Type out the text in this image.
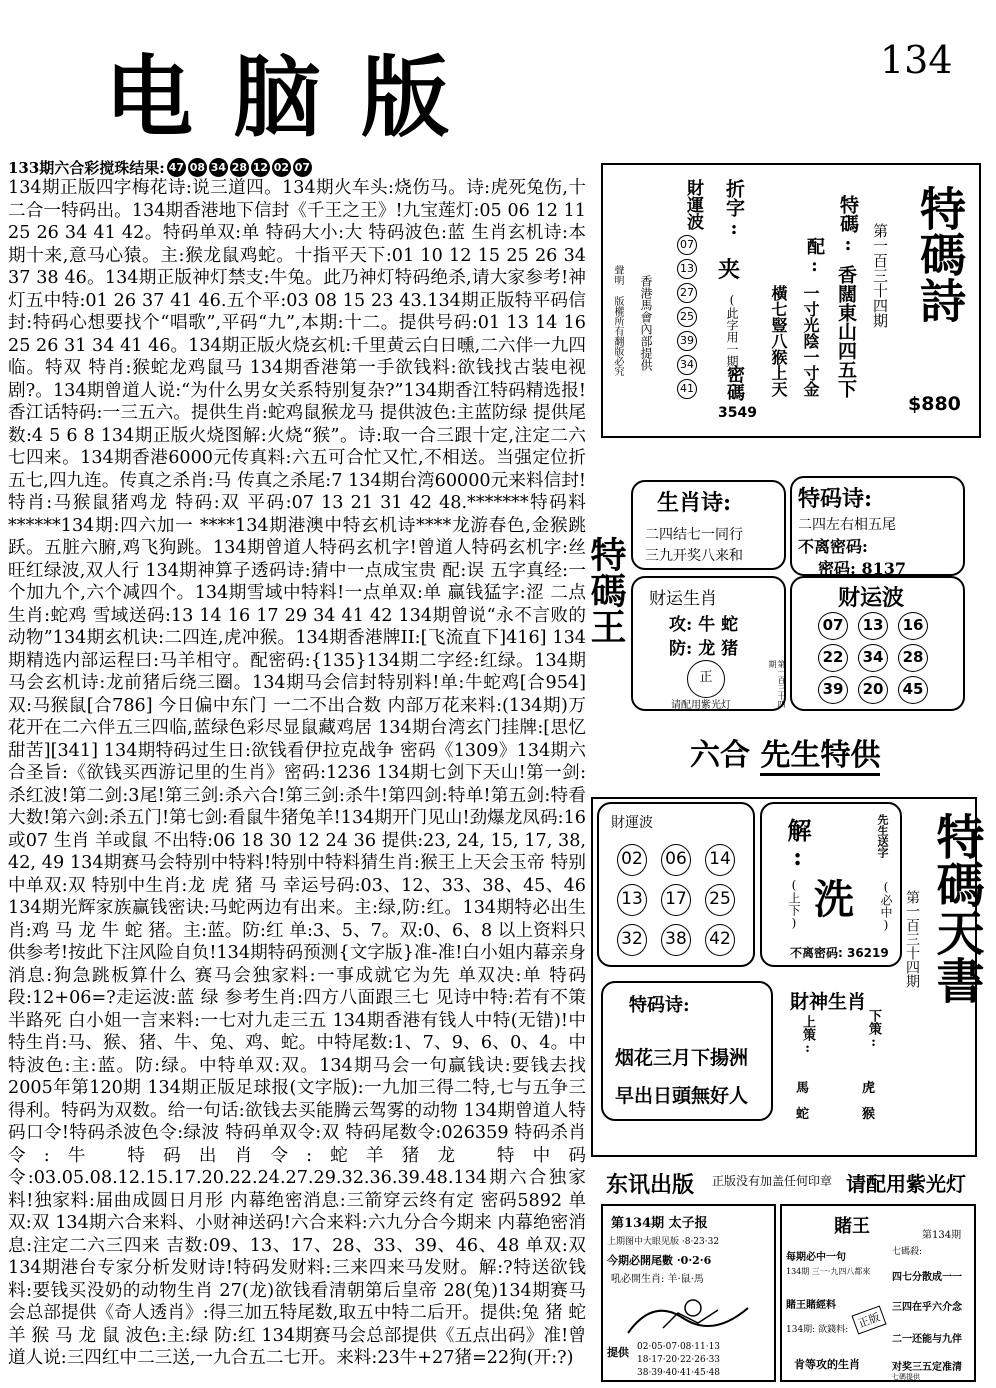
电脑版	134
133期六合彩搅珠结果: 47 08 34 28 12 02 07
134期正版四字梅花诗:说三道四。134期火车头:烧伤马。诗:虎死兔伤,十二合一特码出。134期香港地下信封《千王之王》!九宝莲灯:05 06 12 11 25 26 34 41 42。特码单双:单 特码大小:大 特码波色:蓝 生肖玄机诗:本期十来,意马心猿。主:猴龙鼠鸡蛇。十指平天下:01 10 12 15 25 26 34 37 38 46。134期正版神灯禁支:牛兔。此乃神灯特码绝杀,请大家参考!神灯五中特:01 26 37 41 46.五个平:03 08 15 23 43.134期正版特平码信封:特码心想要找个“唱歌”,平码“九”,本期:十二。提供号码:01 13 14 16 25 26 31 34 41 46。134期正版火烧玄机:千里黄云白日曛,二六伴一九四临。特双 特肖:猴蛇龙鸡鼠马 134期香港第一手欲钱料:欲钱找古装电视剧?。134期曾道人说:“为什么男女关系特别复杂?”134期香江特码精选报!香江话特码:一三五六。提供生肖:蛇鸡鼠猴龙马 提供波色:主蓝防绿 提供尾数:4 5 6 8 134期正版火烧图解:火烧“猴”。诗:取一合三跟十定,注定二六七四来。134期香港6000元传真料:六五可合忙又忙,不相送。当强定位折五七,四九连。传真之杀肖:马 传真之杀尾:7 134期台湾60000元来料信封!特肖:马猴鼠猪鸡龙 特码:双 平码:07 13 21 31 42 48.*******特码料******134期:四六加一 ****134期港澳中特玄机诗****龙游春色,金猴跳跃。五脏六腑,鸡飞狗跳。134期曾道人特码玄机字!曾道人特码玄机字:丝 旺红绿波,双人行 134期神算子透码诗:猜中一点成宝贵 配:误 五字真经:一个加九个,六个减四个。134期雪域中特料!一点单双:单 赢钱猛字:涩 二点生肖:蛇鸡 雪域送码:13 14 16 17 29 34 41 42 134期曾说“永不言败的动物”134期玄机诀:二四连,虎冲猴。134期香港牌II:[飞流直下]416] 134期精选内部运程曰:马羊相守。配密码:{135}134期二字经:红绿。134期马会玄机诗:龙前猪后绕三圈。134期马会信封特别料!单:牛蛇鸡[合954] 双:马猴鼠[合786] 今日偏中东门 一二不出合数 内部万花来料:(134期)万花开在二六伴五三四临,蓝绿色彩尽显鼠藏鸡居 134期台湾玄门挂牌:[思忆甜苦][341] 134期特码过生日:欲钱看伊拉克战争 密码《1309》134期六合圣旨:《欲钱买西游记里的生肖》密码:1236 134期七剑下天山!第一剑:杀红波!第二剑:3尾!第三剑:杀六合!第三剑:杀牛!第四剑:特单!第五剑:特看大数!第六剑:杀五门!第七剑:看鼠牛猪兔羊!134期开门见山!劲爆龙凤码:16或07 生肖 羊或鼠 不出特:06 18 30 12 24 36 提供:23, 24, 15, 17, 38, 42, 49 134期赛马会特别中特料!特别中特料猜生肖:猴王上天会玉帝 特别中单双:双 特别中生肖:龙 虎 猪 马 幸运号码:03、12、33、38、45、46 134期光辉家族赢钱密诀:马蛇两边有出来。主:绿,防:红。134期特必出生肖:鸡 马 龙 牛 蛇 猪。主:蓝。防:红 单:3、5、7。双:0、6、8 以上资料只供参考!按此下注风险自负!134期特码预测{文字版}准-准!白小姐内幕亲身消息:狗急跳板算什么 赛马会独家料:一事成就它为先 单双决:单 特码段:12+06=?走运波:蓝 绿 参考生肖:四方八面跟三七 见诗中特:若有不策半路死 白小姐一言来料:一七对九走三五 134期香港有钱人中特(无错)!中特生肖:马、猴、猪、牛、兔、鸡、蛇。中特尾数:1、7、9、6、0、4。中特波色:主:蓝。防:绿。中特单双:双。134期马会一句赢钱诀:要钱去找2005年第120期 134期正版足球报(文字版):一九加三得二特,七与五争三得利。特码为双数。给一句话:欲钱去买能腾云驾雾的动物 134期曾道人特码口令!特码杀波色令:绿波 特码单双令:双 特码尾数令:026359 特码杀肖令:牛 特码出肖令:蛇羊猪龙 特中码令:03.05.08.12.15.17.20.22.24.27.29.32.36.39.48.134期六合独家料!独家料:届曲成圆日月形 内幕绝密消息:三箭穿云终有定 密码5892 单双:双 134期六合来料、小财神送码!六合来料:六九分合今期来 内幕绝密消息:注定二六三四来 吉数:09、13、17、28、33、39、46、48 单双:双 134期港台专家分析发财诗!特码发财料:三来四来马发财。解:?特送欲钱料:要钱买没奶的动物生肖 27(龙)欲钱看清朝第后皇帝 28(兔)134期赛马会总部提供《奇人透肖》:得三加五特尾数,取五中特二后开。提供:兔 猪 蛇 羊 猴 马 龙 鼠 波色:主:绿 防:红 134期赛马会总部提供《五点出码》准!曾道人说:三四红中二三送,一九合五二七开。来料:23牛+27猪=22狗(开:?)
特碼詩
$880
第一百三十四期
特碼:
香闊東山四五下
配:
一寸光陰一寸金
橫七豎八猴上天
折字:
夹
(此字用一期)
密碼
3549
財運波
07
13
27
25
39
34
41
香港馬會內部提供
聲明 版權所有翻版必究
特碼王
生肖诗:
二四结七一同行
三九开奖八来和
特码诗:
二四左右相五尾
不离密码:
密码: 8137
财运生肖
攻: 牛 蛇
防: 龙 猪
正
请配用紫光灯	第一百三十四期
财运波
07	13	16
22	34	28
39	20	45
六合 先生特供
財運波
02 06 14
13 17 25
32 38 42
解:
(上下) 洗
先生送字
(必中)
不离密码: 36219 特碼天書
第一百三十四期
特码诗:
烟花三月下揚洲
早出日頭無好人
財神生肖
上策:
馬
蛇
下策:
虎
猴
东讯出版 正版没有加盖任何印章 请配用紫光灯
第134期 太子报
上期图中大眼见版 ·8·23·32
今期必開尾數 ·0·2·6
吼必開生肖: 羊·鼠·馬
提供 02·05·07·08·11·13
18·17·20·22·26·33
38·39·40·41·45·48
賭王	第134期
每期必中一句
134期 三一·九四八都來
七碼殺:
四七分散成一一
賭王賭經料	三四在乎六介念
134期: 欲錢料:
二一还能与九伴
正版
肯等攻的生肖	对奖三五定准清
七碼提供
